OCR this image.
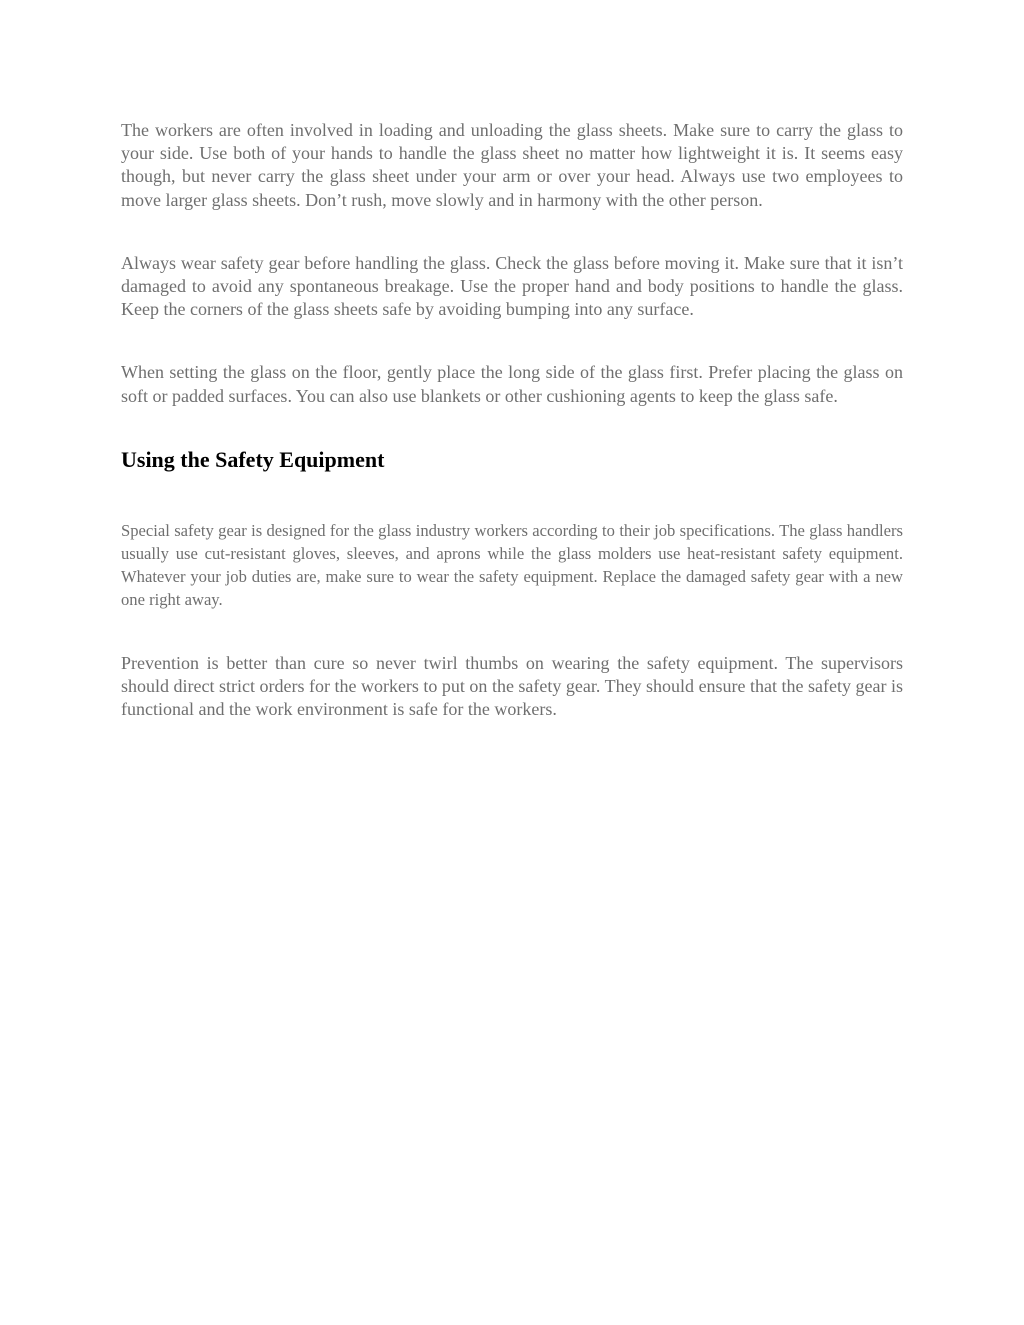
The workers are often involved in loading and unloading the glass sheets. Make sure to carry the glass to your side. Use both of your hands to handle the glass sheet no matter how lightweight it is. It seems easy though, but never carry the glass sheet under your arm or over your head. Always use two employees to move larger glass sheets. Don’t rush, move slowly and in harmony with the other person.

Always wear safety gear before handling the glass. Check the glass before moving it. Make sure that it isn’t damaged to avoid any spontaneous breakage. Use the proper hand and body positions to handle the glass. Keep the corners of the glass sheets safe by avoiding bumping into any surface.

When setting the glass on the floor, gently place the long side of the glass first. Prefer placing the glass on soft or padded surfaces. You can also use blankets or other cushioning agents to keep the glass safe.

Using the Safety Equipment

Special safety gear is designed for the glass industry workers according to their job specifications. The glass handlers usually use cut-resistant gloves, sleeves, and aprons while the glass molders use heat-resistant safety equipment. Whatever your job duties are, make sure to wear the safety equipment. Replace the damaged safety gear with a new one right away.

Prevention is better than cure so never twirl thumbs on wearing the safety equipment. The supervisors should direct strict orders for the workers to put on the safety gear. They should ensure that the safety gear is functional and the work environment is safe for the workers.
